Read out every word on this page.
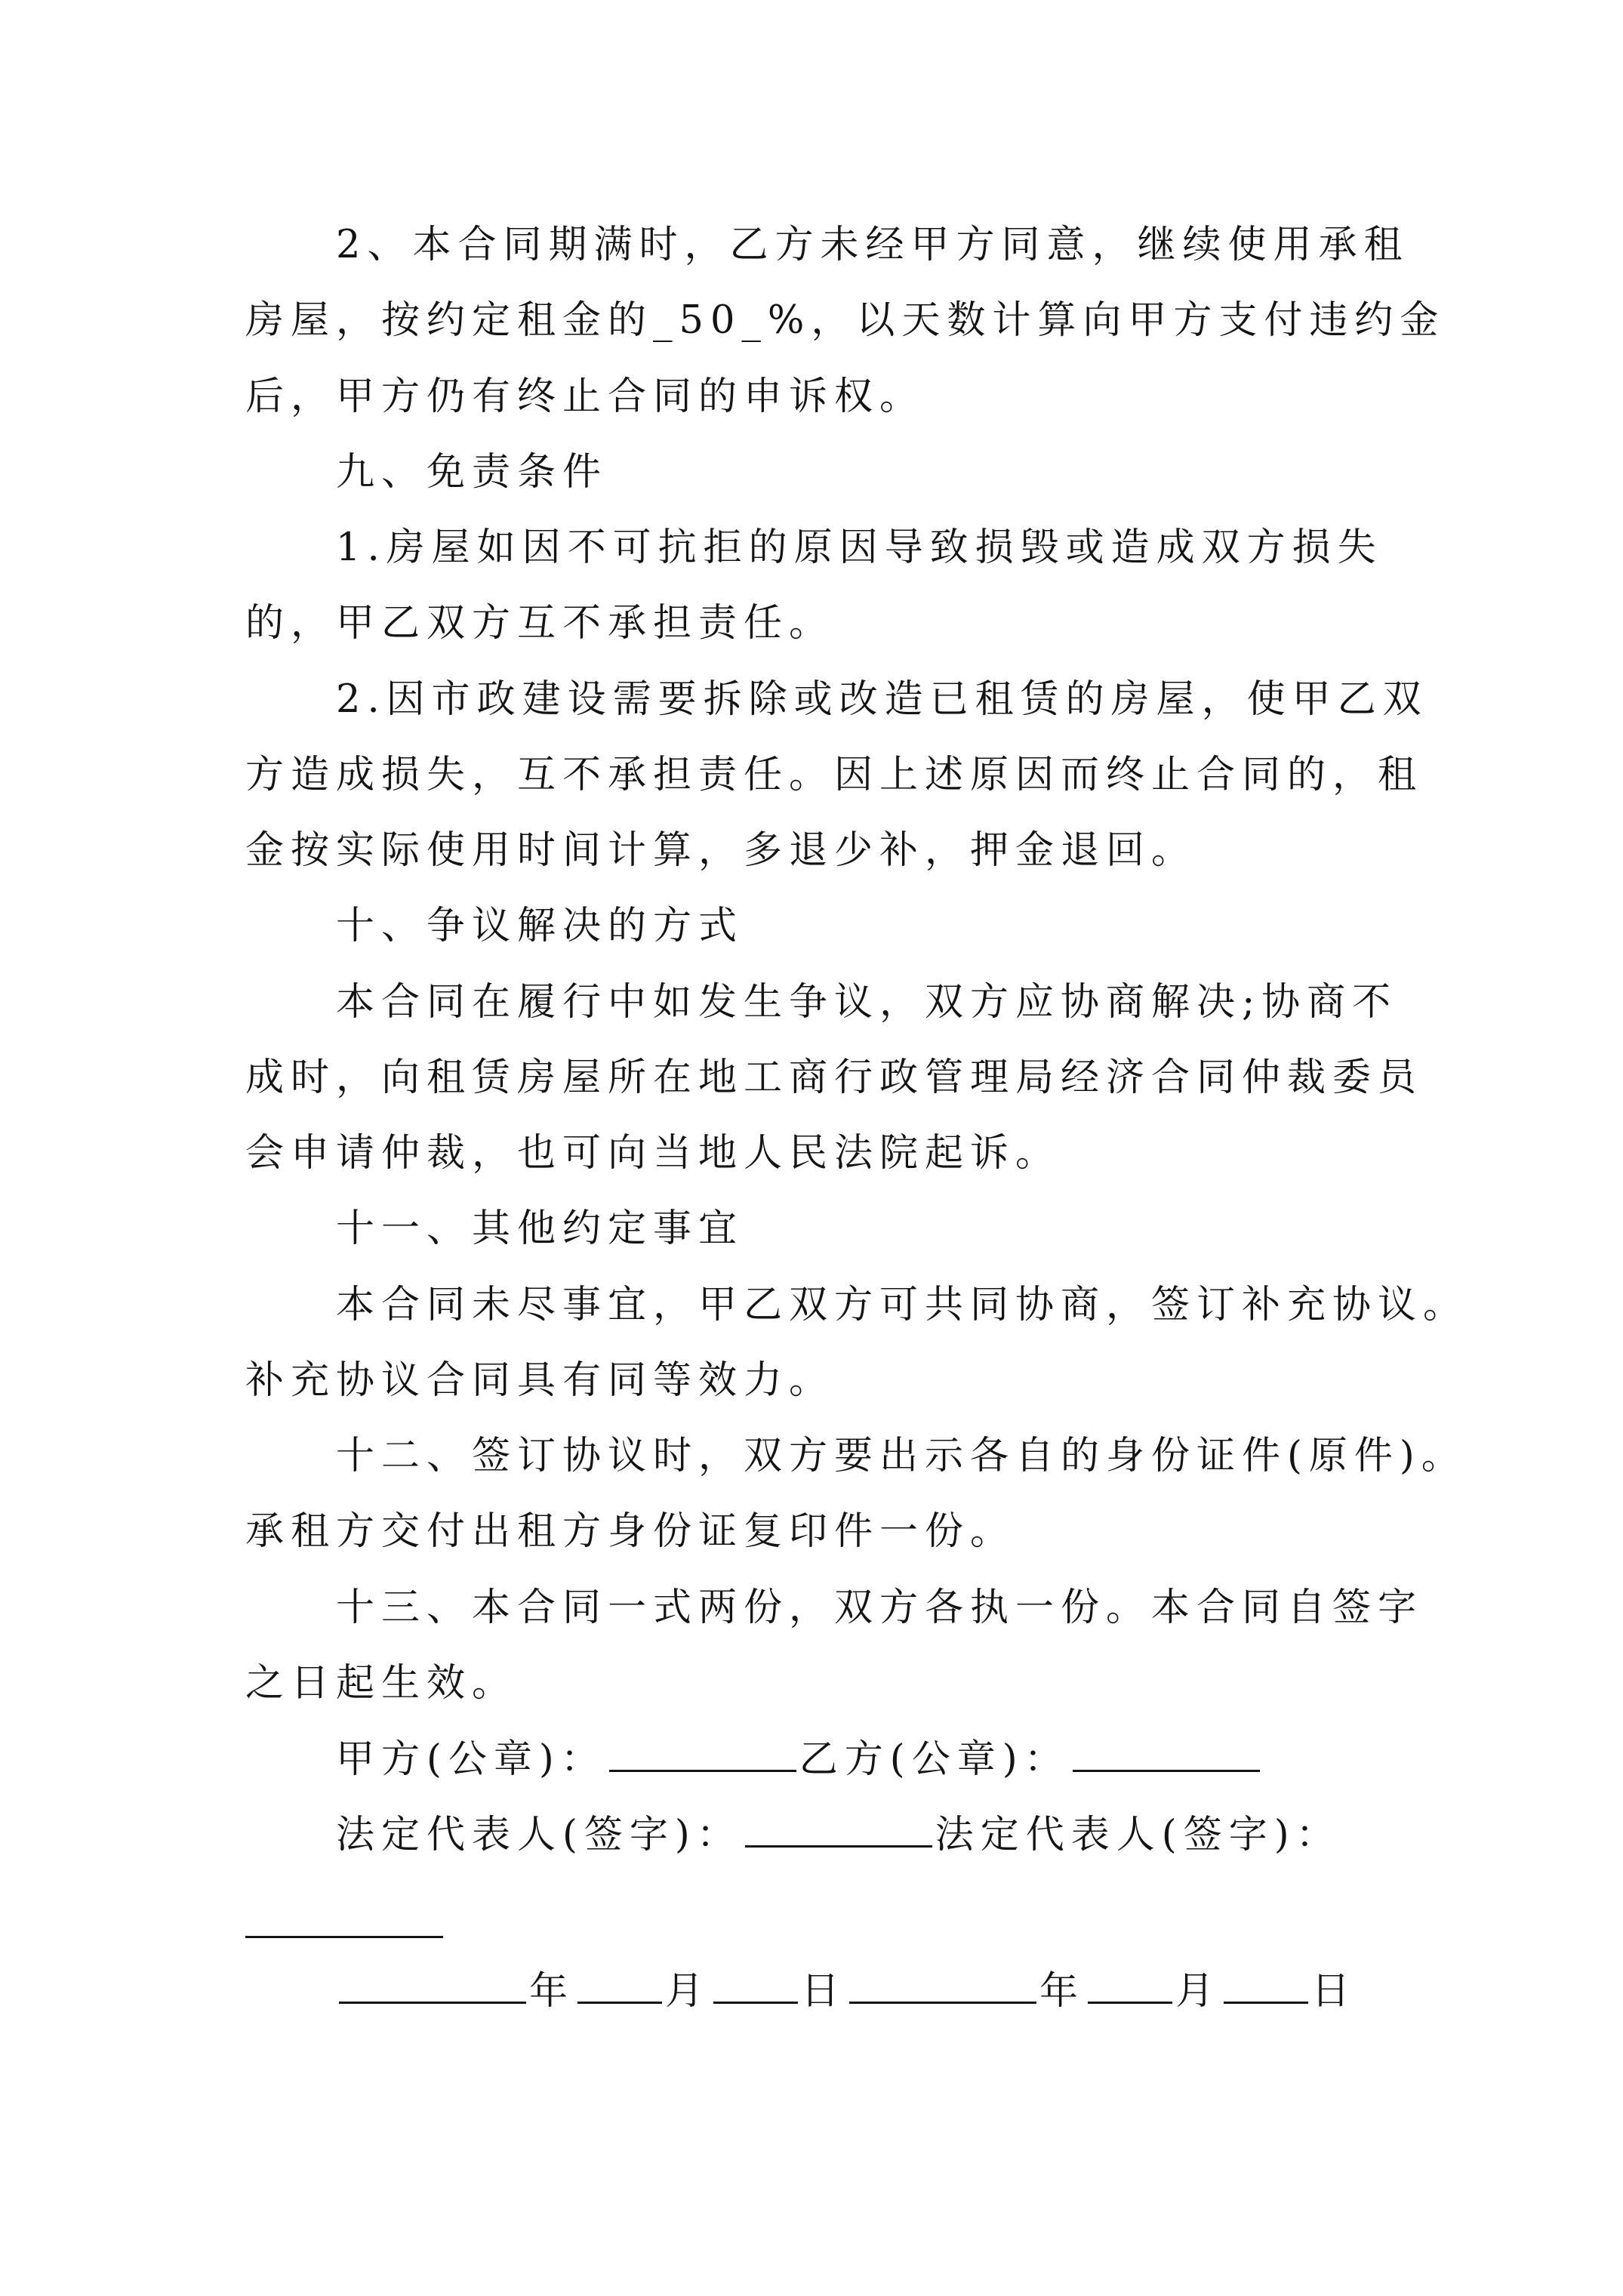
2、本合同期满时，乙方未经甲方同意，继续使用承租
房屋，按约定租金的_50_%，以天数计算向甲方支付违约金
后，甲方仍有终止合同的申诉权。
九、免责条件
1.房屋如因不可抗拒的原因导致损毁或造成双方损失
的，甲乙双方互不承担责任。
2.因市政建设需要拆除或改造已租赁的房屋，使甲乙双
方造成损失，互不承担责任。因上述原因而终止合同的，租
金按实际使用时间计算，多退少补，押金退回。
十、争议解决的方式
本合同在履行中如发生争议，双方应协商解决;协商不
成时，向租赁房屋所在地工商行政管理局经济合同仲裁委员
会申请仲裁，也可向当地人民法院起诉。
十一、其他约定事宜
本合同未尽事宜，甲乙双方可共同协商，签订补充协议。
补充协议合同具有同等效力。
十二、签订协议时，双方要出示各自的身份证件(原件)。
承租方交付出租方身份证复印件一份。
十三、本合同一式两份，双方各执一份。本合同自签字
之日起生效。
甲方(公章)：	乙方(公章)：
法定代表人(签字)：	法定代表人(签字)：
年 月 日	年 月 日
